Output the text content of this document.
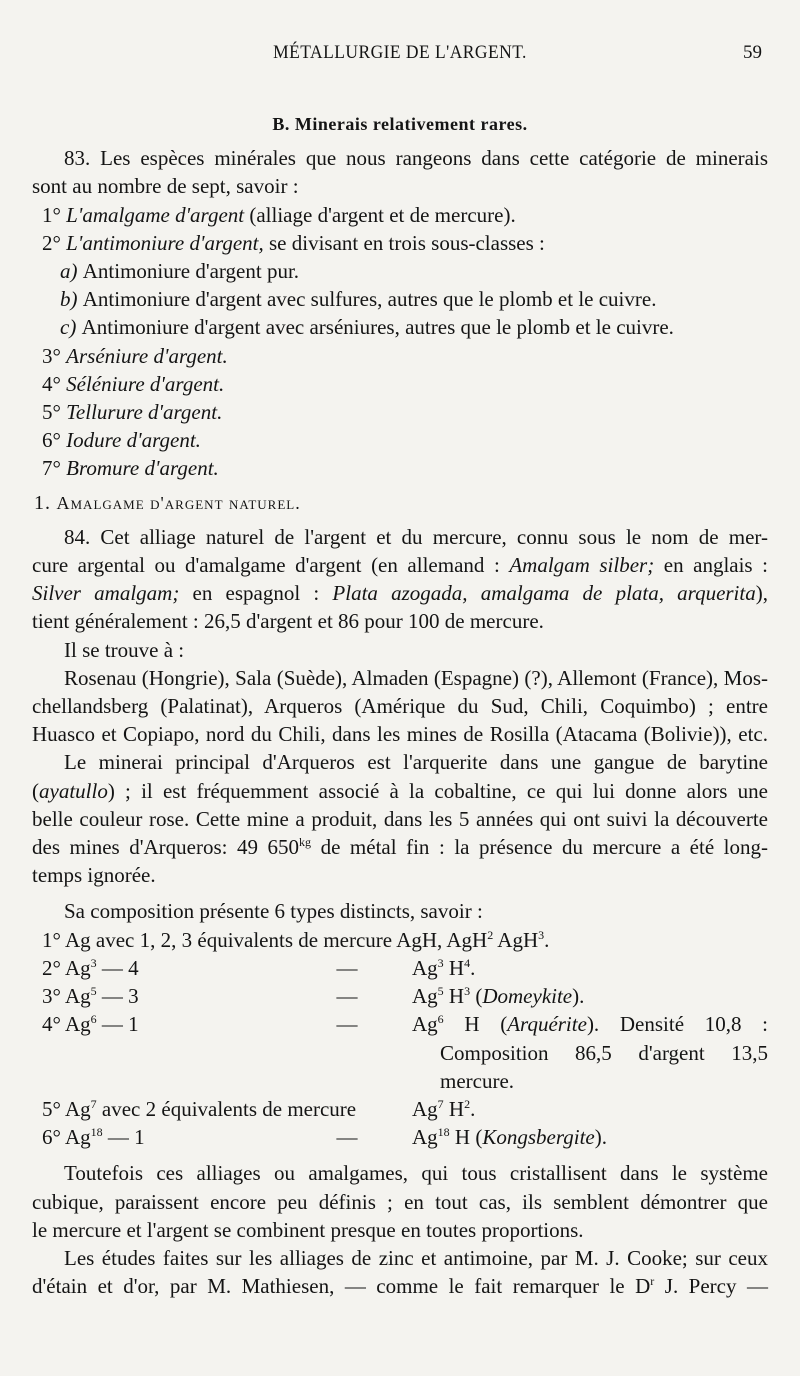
MÉTALLURGIE DE L'ARGENT.	59

B. Minerais relativement rares.

83. Les espèces minérales que nous rangeons dans cette catégorie de minerais

sont au nombre de sept, savoir :

1° L'amalgame d'argent (alliage d'argent et de mercure).

2° L'antimoniure d'argent, se divisant en trois sous-classes :

a) Antimoniure d'argent pur.

b) Antimoniure d'argent avec sulfures, autres que le plomb et le cuivre.

c) Antimoniure d'argent avec arséniures, autres que le plomb et le cuivre.

3° Arséniure d'argent.

4° Séléniure d'argent.

5° Tellurure d'argent.

6° Iodure d'argent.

7° Bromure d'argent.

1. Amalgame d'argent naturel.

84. Cet alliage naturel de l'argent et du mercure, connu sous le nom de mer-

cure argental ou d'amalgame d'argent (en allemand : Amalgam silber; en anglais :

Silver amalgam; en espagnol : Plata azogada, amalgama de plata, arquerita),

tient généralement : 26,5 d'argent et 86 pour 100 de mercure.

Il se trouve à :

Rosenau (Hongrie), Sala (Suède), Almaden (Espagne) (?), Allemont (France), Mos-

chellandsberg (Palatinat), Arqueros (Amérique du Sud, Chili, Coquimbo) ; entre

Huasco et Copiapo, nord du Chili, dans les mines de Rosilla (Atacama (Bolivie)), etc.

Le minerai principal d'Arqueros est l'arquerite dans une gangue de barytine

(ayatullo) ; il est fréquemment associé à la cobaltine, ce qui lui donne alors une

belle couleur rose. Cette mine a produit, dans les 5 années qui ont suivi la découverte

des mines d'Arqueros: 49 $650^{kg}$ de métal fin : la présence du mercure a été long-

temps ignorée.

Sa composition présente 6 types distincts, savoir :

1° Ag avec 1, 2, 3 équivalents de mercure AgH, AgH$^2$ AgH$^3$.

2° Ag$^3$ — 4	—	Ag$^3$ $H^4$.
3° Ag$^5$ — 3	—	Ag$^5$ $H^3$ (Domeykite).
4° Ag$^6$ — 1	—	Ag$^6$ H (Arquérite). Densité 10,8 :
Composition 86,5 d'argent 13,5
mercure.
5° Ag$^7$ avec 2 équivalents de mercure	Ag$^7$ $H^2$.
6° Ag$^{18}$ — 1	—	Ag$^{18}$ H (Kongsbergite).

Toutefois ces alliages ou amalgames, qui tous cristallisent dans le système

cubique, paraissent encore peu définis ; en tout cas, ils semblent démontrer que

le mercure et l'argent se combinent presque en toutes proportions.

Les études faites sur les alliages de zinc et antimoine, par M. J. Cooke; sur ceux

d'étain et d'or, par M. Mathiesen, — comme le fait remarquer le $D^r$ J. Percy —
